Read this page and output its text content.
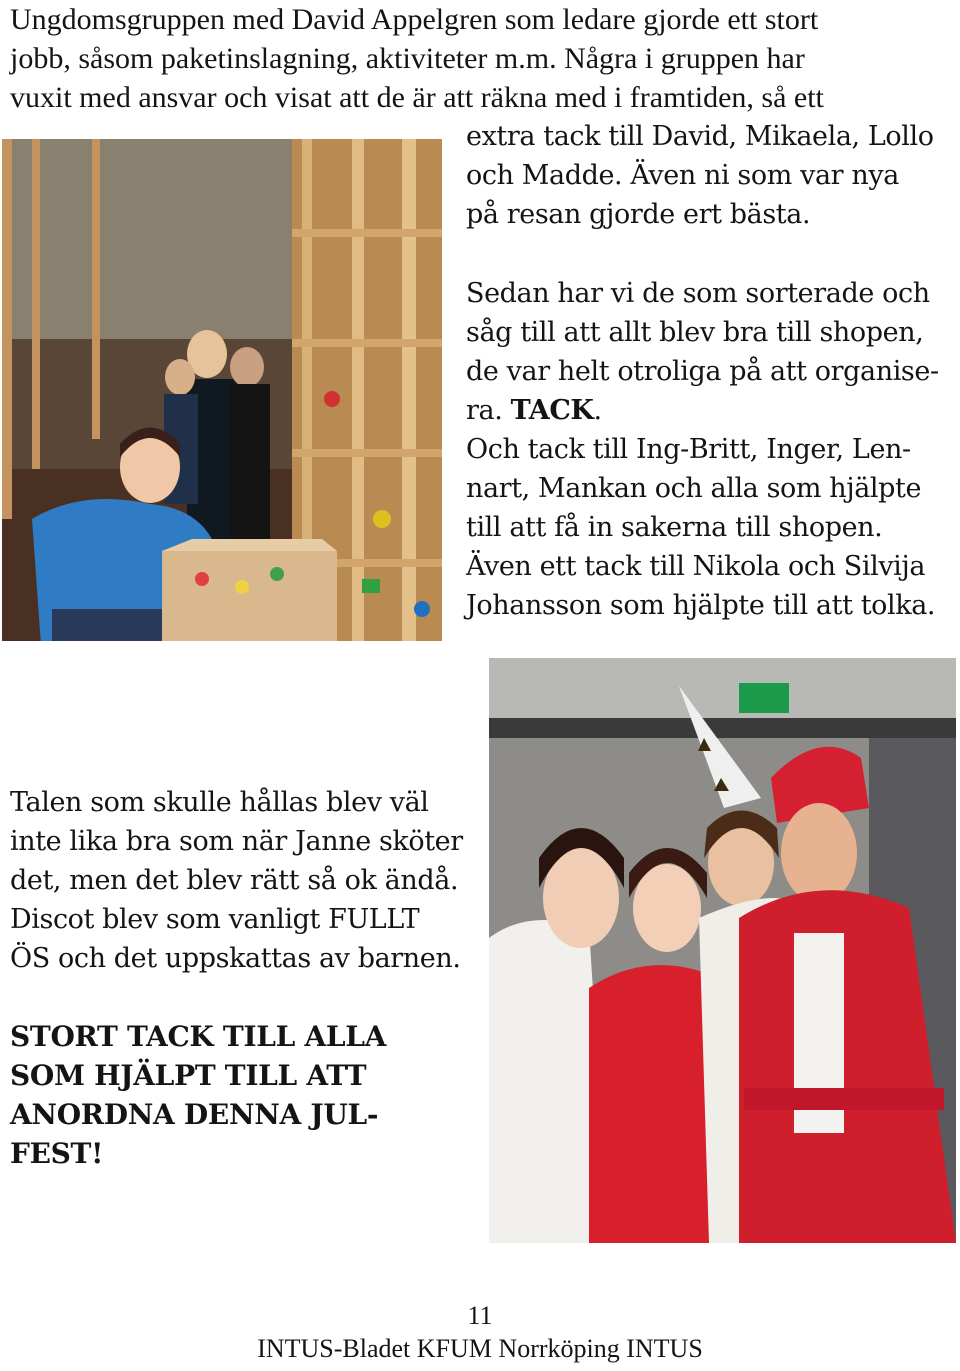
Ungdomsgruppen med David Appelgren som ledare gjorde ett stort
jobb, såsom paketinslagning, aktiviteter m.m. Några i gruppen har
vuxit med ansvar och visat att de är att räkna med i framtiden, så ett
extra tack till David, Mikaela, Lollo
och Madde. Även ni som var nya
på resan gjorde ert bästa.
Sedan har vi de som sorterade och
såg till att allt blev bra till shopen,
de var helt otroliga på att organise-
ra. TACK.
Och tack till Ing-Britt, Inger, Len-
nart, Mankan och alla som hjälpte
till att få in sakerna till shopen.
Även ett tack till Nikola och Silvija
Johansson som hjälpte till att tolka.
Talen som skulle hållas blev väl
inte lika bra som när Janne sköter
det, men det blev rätt så ok ändå.
Discot blev som vanligt FULLT
ÖS och det uppskattas av barnen.
STORT TACK TILL ALLA
SOM HJÄLPT TILL ATT
ANORDNA DENNA JUL-
FEST!
11
INTUS-Bladet KFUM Norrköping INTUS
